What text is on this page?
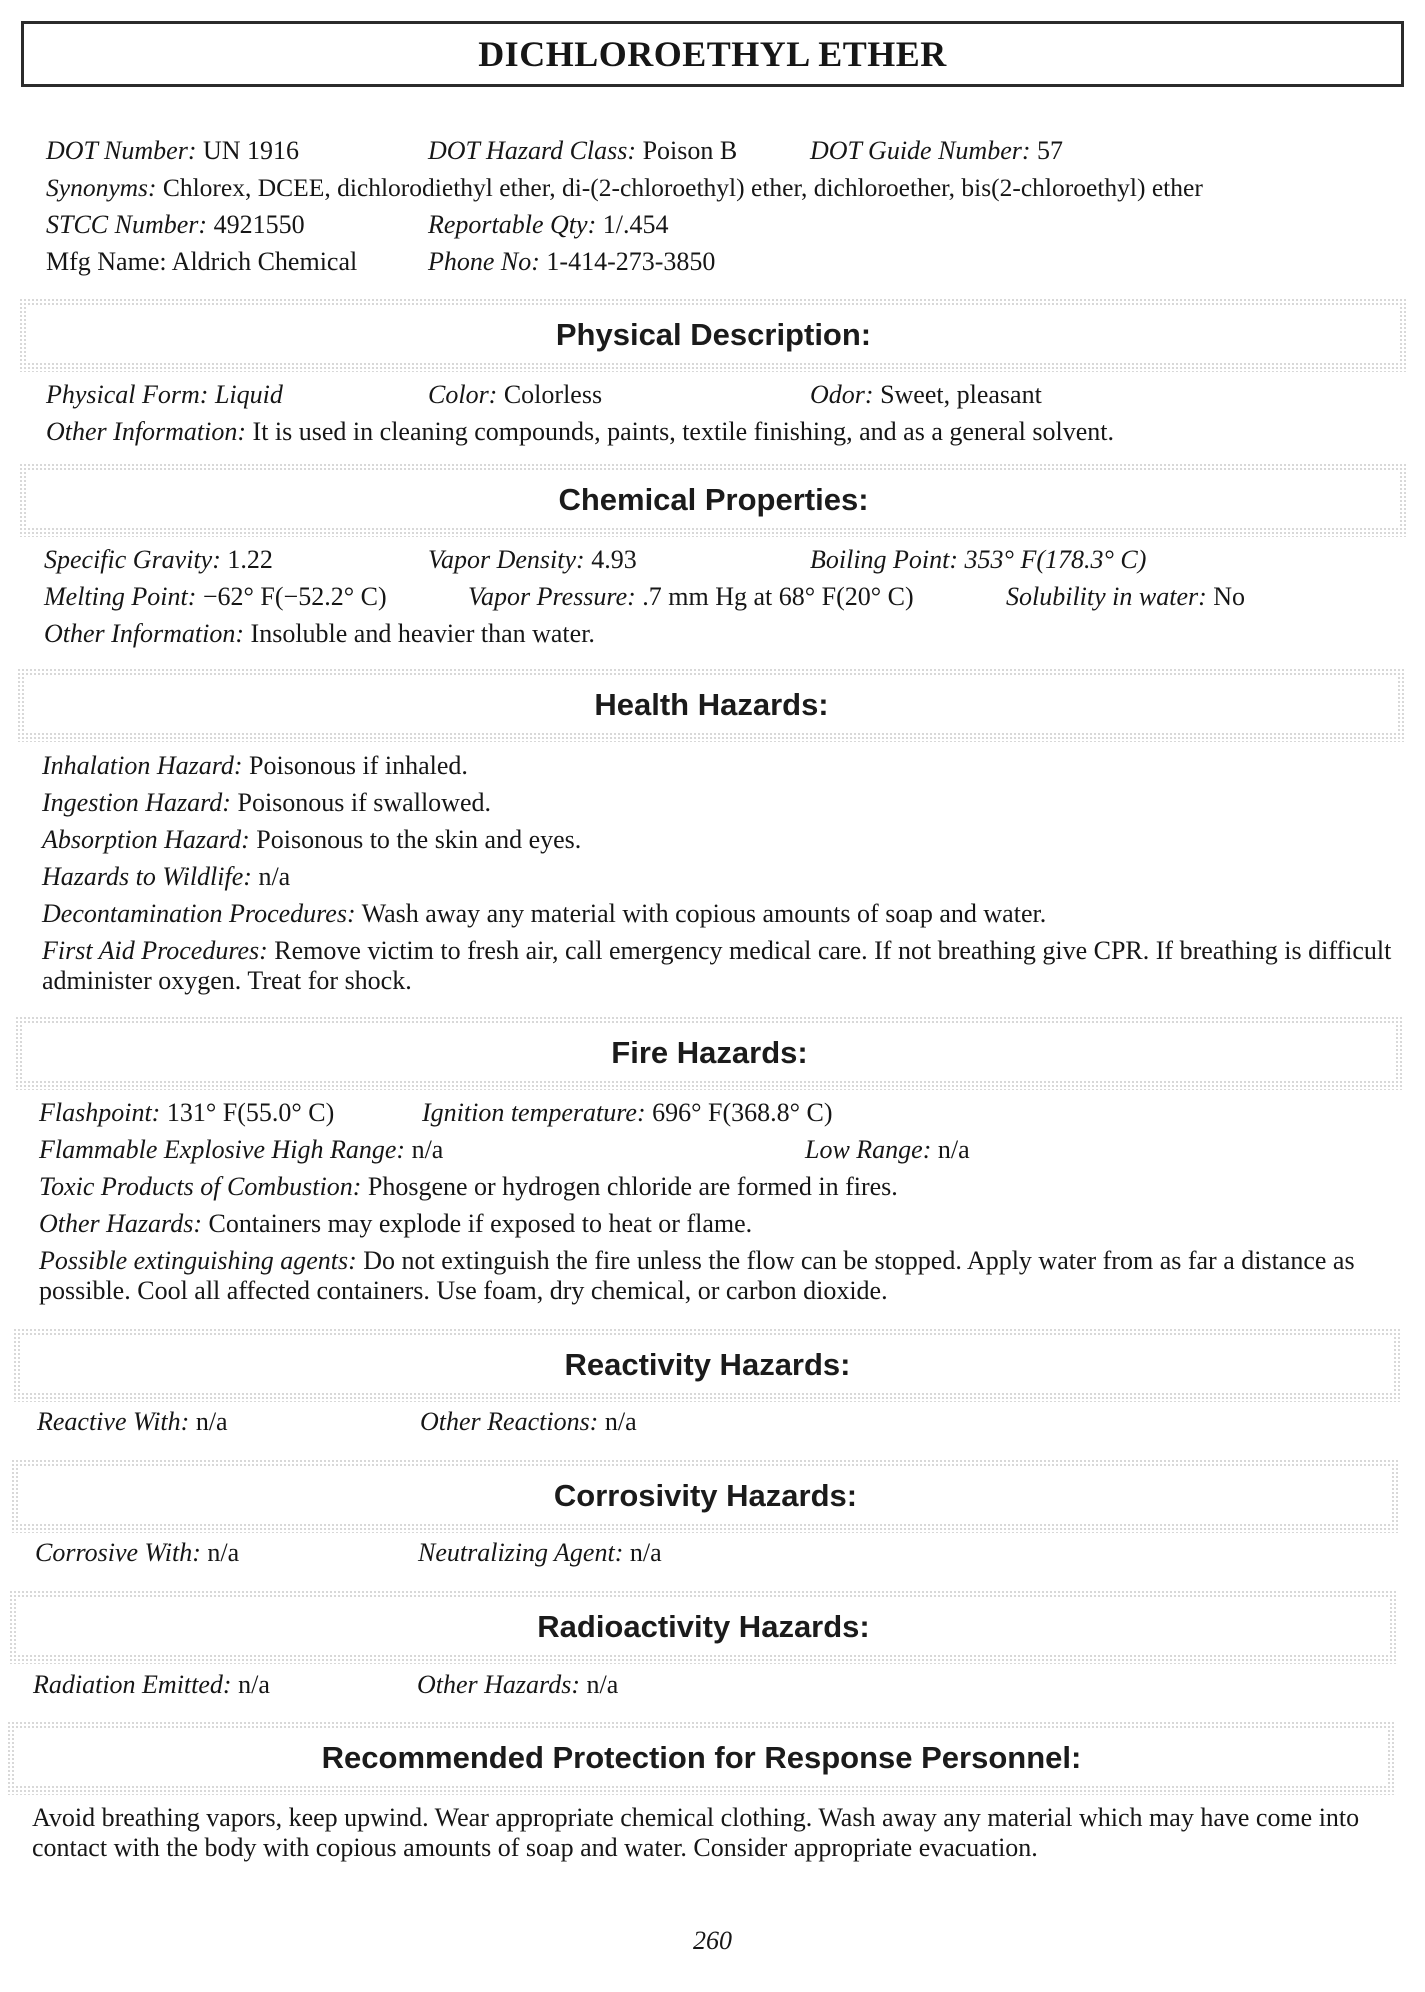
DICHLOROETHYL ETHER
DOT Number: UN 1916	DOT Hazard Class: Poison B	DOT Guide Number: 57
Synonyms: Chlorex, DCEE, dichlorodiethyl ether, di-(2-chloroethyl) ether, dichloroether, bis(2-chloroethyl) ether
STCC Number: 4921550	Reportable Qty: 1/.454
Mfg Name: Aldrich Chemical	Phone No: 1-414-273-3850
Physical Description:
Physical Form: Liquid	Color: Colorless	Odor: Sweet, pleasant
Other Information: It is used in cleaning compounds, paints, textile finishing, and as a general solvent.
Chemical Properties:
Specific Gravity: 1.22	Vapor Density: 4.93	Boiling Point: 353° F(178.3° C)
Melting Point: −62° F(−52.2° C)	Vapor Pressure: .7 mm Hg at 68° F(20° C)	Solubility in water: No
Other Information: Insoluble and heavier than water.
Health Hazards:
Inhalation Hazard: Poisonous if inhaled.
Ingestion Hazard: Poisonous if swallowed.
Absorption Hazard: Poisonous to the skin and eyes.
Hazards to Wildlife: n/a
Decontamination Procedures: Wash away any material with copious amounts of soap and water.
First Aid Procedures: Remove victim to fresh air, call emergency medical care. If not breathing give CPR. If breathing is difficult administer oxygen. Treat for shock.
Fire Hazards:
Flashpoint: 131° F(55.0° C)	Ignition temperature: 696° F(368.8° C)
Flammable Explosive High Range: n/a	Low Range: n/a
Toxic Products of Combustion: Phosgene or hydrogen chloride are formed in fires.
Other Hazards: Containers may explode if exposed to heat or flame.
Possible extinguishing agents: Do not extinguish the fire unless the flow can be stopped. Apply water from as far a distance as possible. Cool all affected containers. Use foam, dry chemical, or carbon dioxide.
Reactivity Hazards:
Reactive With: n/a	Other Reactions: n/a
Corrosivity Hazards:
Corrosive With: n/a	Neutralizing Agent: n/a
Radioactivity Hazards:
Radiation Emitted: n/a	Other Hazards: n/a
Recommended Protection for Response Personnel:
Avoid breathing vapors, keep upwind. Wear appropriate chemical clothing. Wash away any material which may have come into contact with the body with copious amounts of soap and water. Consider appropriate evacuation.
260
